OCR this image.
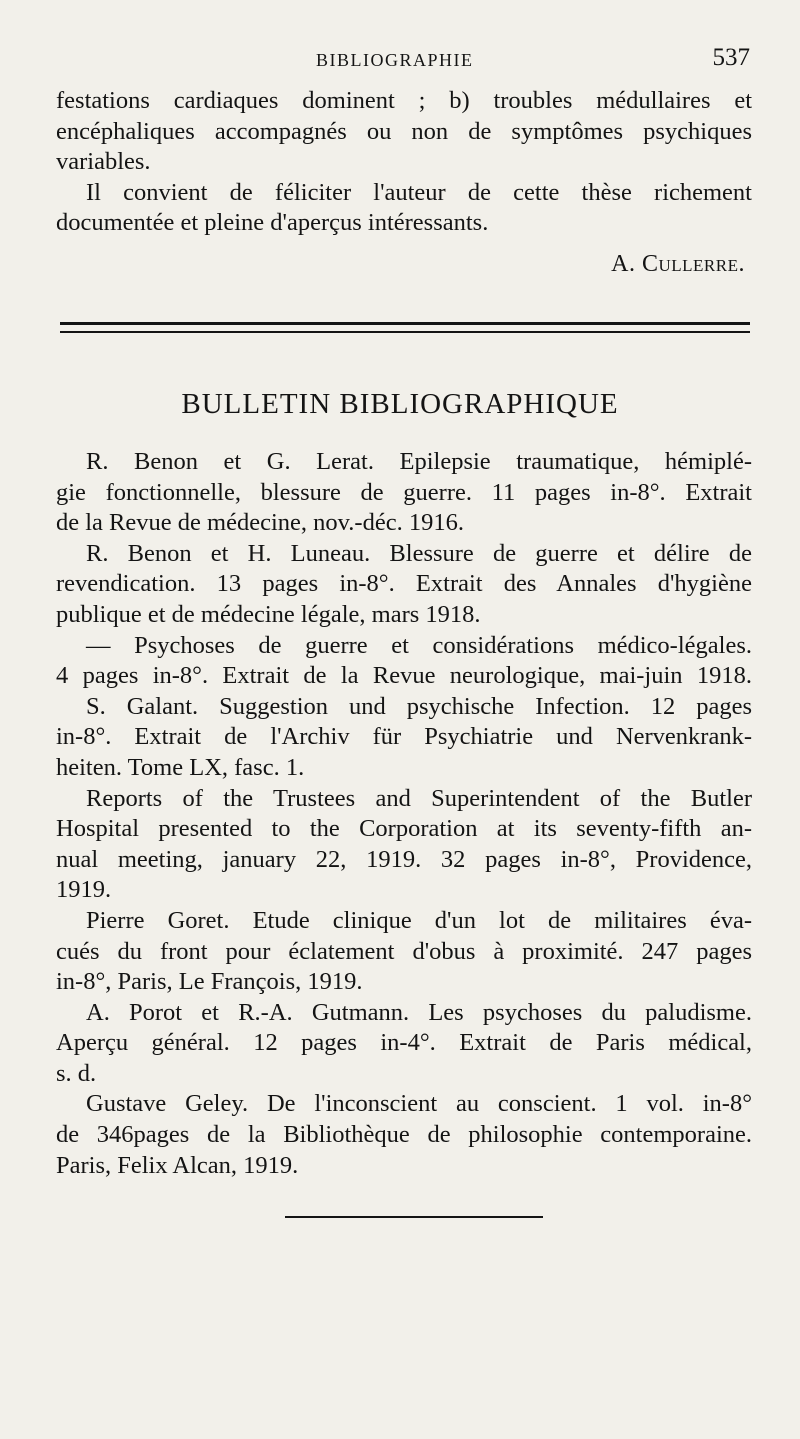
BIBLIOGRAPHIE	537
festations cardiaques dominent ; b) troubles médullaires et
encéphaliques accompagnés ou non de symptômes psychiques
variables.
Il convient de féliciter l'auteur de cette thèse richement
documentée et pleine d'aperçus intéressants.
A. Cullerre.
BULLETIN BIBLIOGRAPHIQUE
R. Benon et G. Lerat. Epilepsie traumatique, hémiplé-
gie fonctionnelle, blessure de guerre. 11 pages in-8°. Extrait
de la Revue de médecine, nov.-déc. 1916.
R. Benon et H. Luneau. Blessure de guerre et délire de
revendication. 13 pages in-8°. Extrait des Annales d'hygiène
publique et de médecine légale, mars 1918.
— Psychoses de guerre et considérations médico-légales.
4 pages in-8°. Extrait de la Revue neurologique, mai-juin 1918.
S. Galant. Suggestion und psychische Infection. 12 pages
in-8°. Extrait de l'Archiv für Psychiatrie und Nervenkrank-
heiten. Tome LX, fasc. 1.
Reports of the Trustees and Superintendent of the Butler
Hospital presented to the Corporation at its seventy-fifth an-
nual meeting, january 22, 1919. 32 pages in-8°, Providence,
1919.
Pierre Goret. Etude clinique d'un lot de militaires éva-
cués du front pour éclatement d'obus à proximité. 247 pages
in-8°, Paris, Le François, 1919.
A. Porot et R.-A. Gutmann. Les psychoses du paludisme.
Aperçu général. 12 pages in-4°. Extrait de Paris médical,
s. d.
Gustave Geley. De l'inconscient au conscient. 1 vol. in-8°
de 346pages de la Bibliothèque de philosophie contemporaine.
Paris, Felix Alcan, 1919.
